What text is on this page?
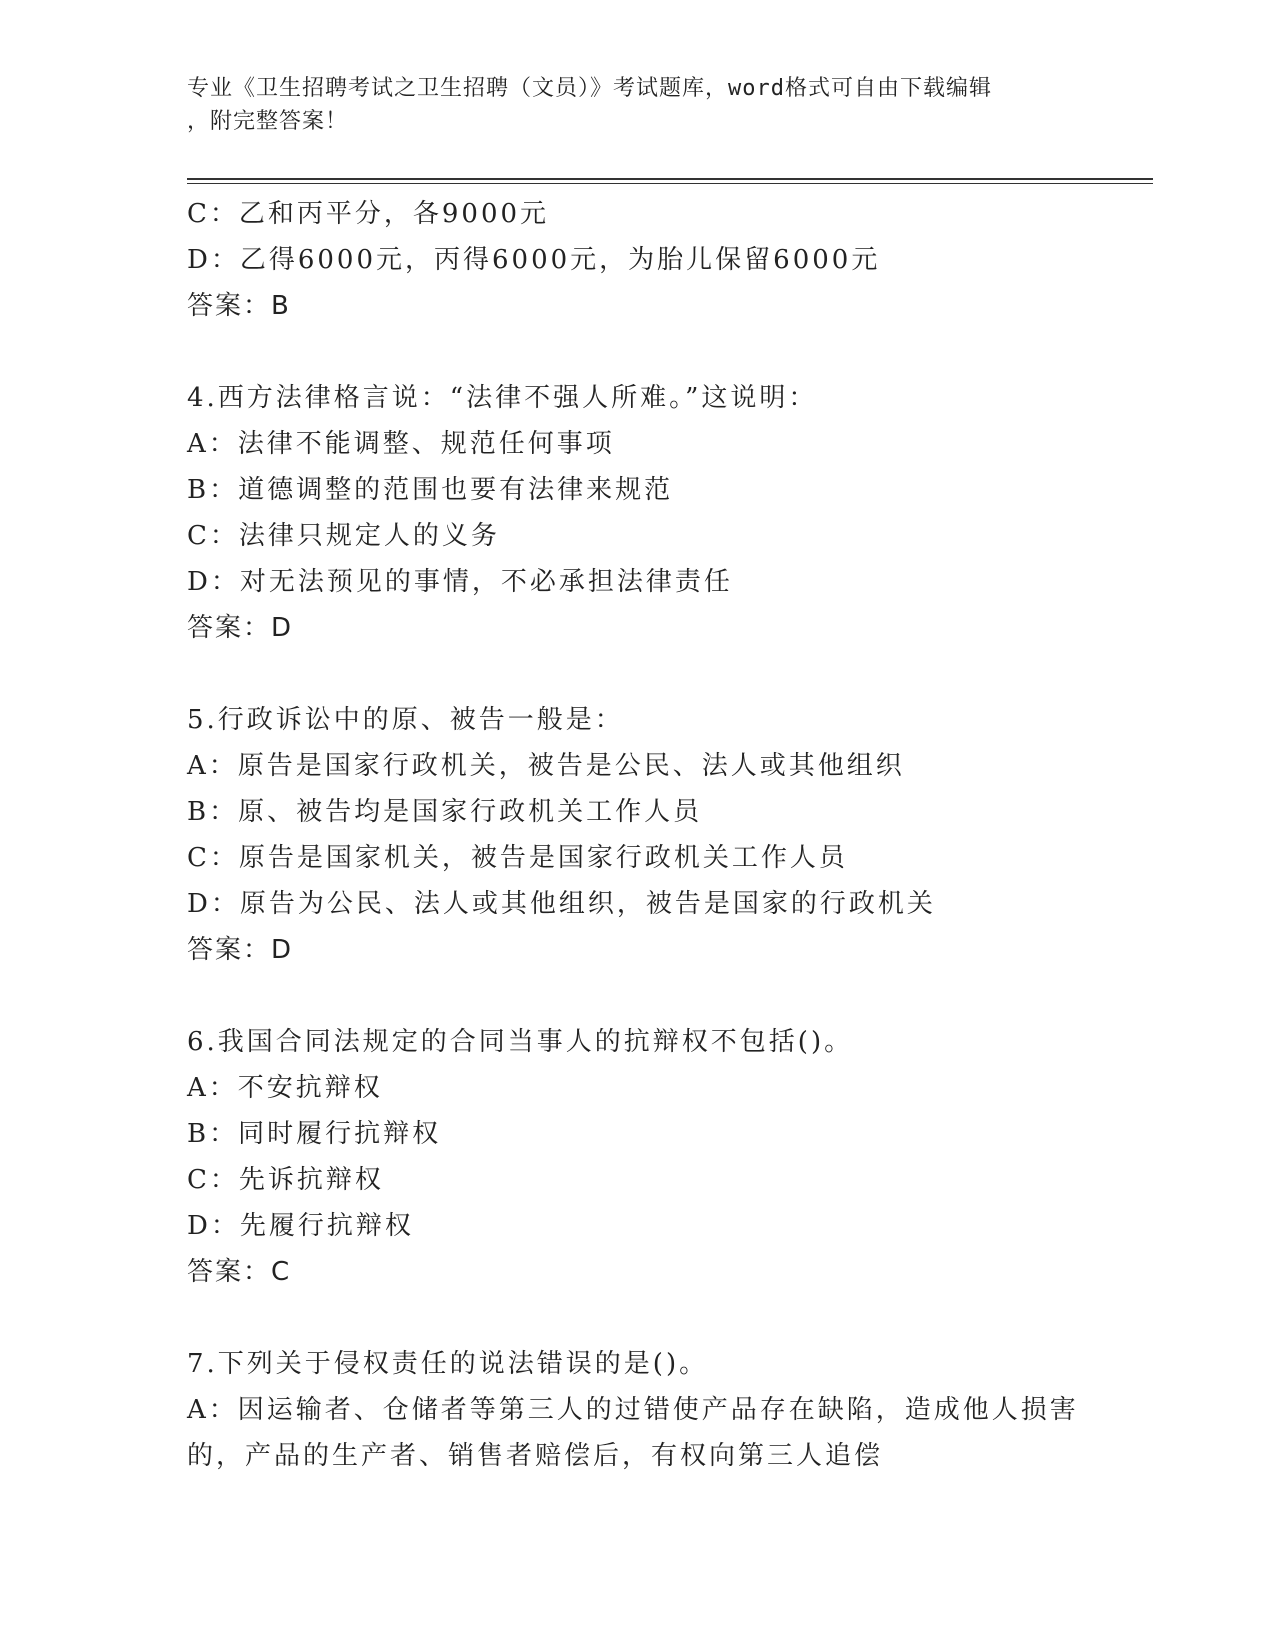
专业《卫生招聘考试之卫生招聘（文员）》考试题库，word格式可自由下载编辑
，附完整答案！
C：乙和丙平分，各9000元
D：乙得6000元，丙得6000元，为胎儿保留6000元
答案：B
4.西方法律格言说：“法律不强人所难。”这说明：
A：法律不能调整、规范任何事项
B：道德调整的范围也要有法律来规范
C：法律只规定人的义务
D：对无法预见的事情，不必承担法律责任
答案：D
5.行政诉讼中的原、被告一般是：
A：原告是国家行政机关，被告是公民、法人或其他组织
B：原、被告均是国家行政机关工作人员
C：原告是国家机关，被告是国家行政机关工作人员
D：原告为公民、法人或其他组织，被告是国家的行政机关
答案：D
6.我国合同法规定的合同当事人的抗辩权不包括()。
A：不安抗辩权
B：同时履行抗辩权
C：先诉抗辩权
D：先履行抗辩权
答案：C
7.下列关于侵权责任的说法错误的是()。
A：因运输者、仓储者等第三人的过错使产品存在缺陷，造成他人损害
的，产品的生产者、销售者赔偿后，有权向第三人追偿
